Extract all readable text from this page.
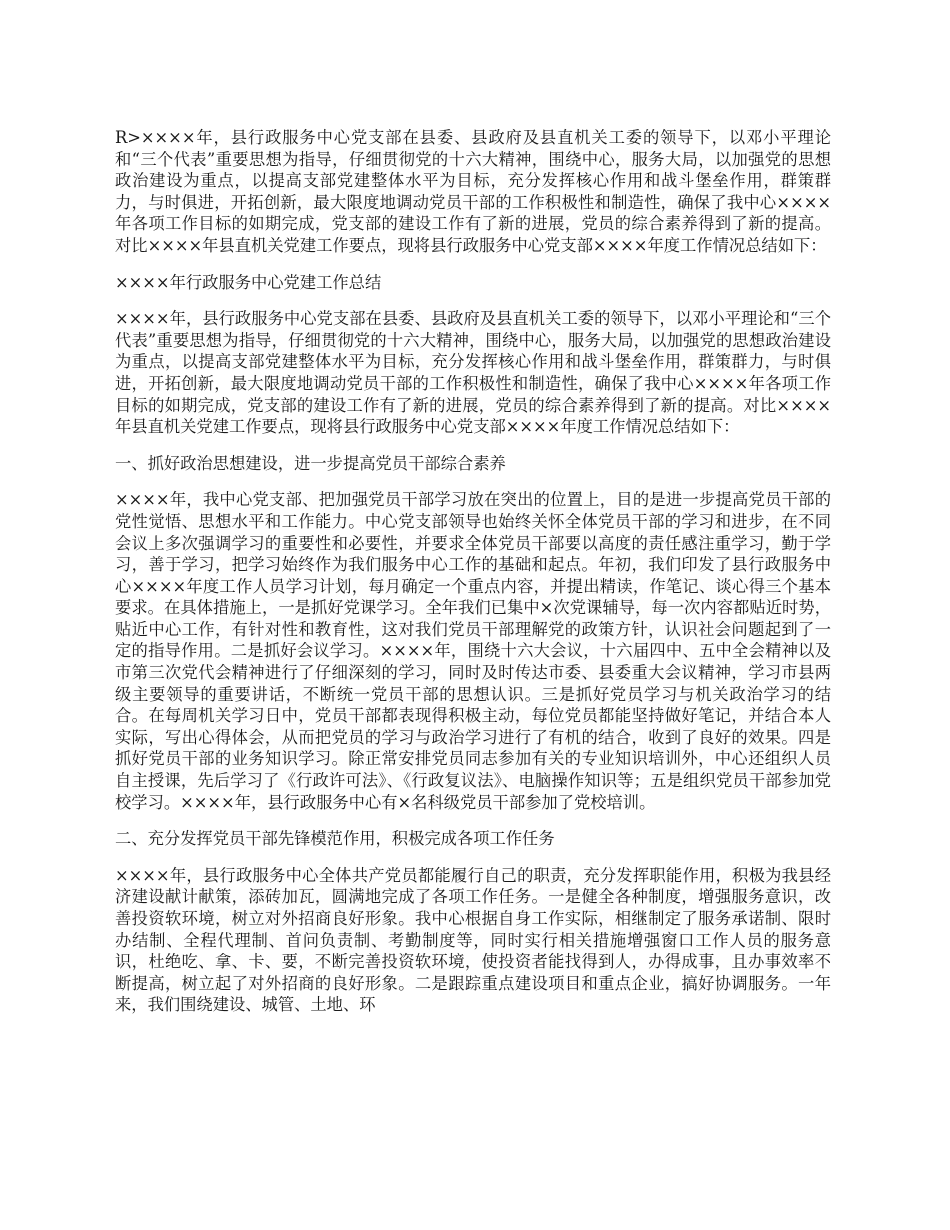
R>××××年，县行政服务中心党支部在县委、县政府及县直机关工委的领导下，以邓小平理论和“三个代表”重要思想为指导，仔细贯彻党的十六大精神，围绕中心，服务大局，以加强党的思想政治建设为重点，以提高支部党建整体水平为目标，充分发挥核心作用和战斗堡垒作用，群策群力，与时俱进，开拓创新，最大限度地调动党员干部的工作积极性和制造性，确保了我中心××××年各项工作目标的如期完成，党支部的建设工作有了新的进展，党员的综合素养得到了新的提高。对比××××年县直机关党建工作要点，现将县行政服务中心党支部××××年度工作情况总结如下：

××××年行政服务中心党建工作总结

××××年，县行政服务中心党支部在县委、县政府及县直机关工委的领导下，以邓小平理论和“三个代表”重要思想为指导，仔细贯彻党的十六大精神，围绕中心，服务大局，以加强党的思想政治建设为重点，以提高支部党建整体水平为目标，充分发挥核心作用和战斗堡垒作用，群策群力，与时俱进，开拓创新，最大限度地调动党员干部的工作积极性和制造性，确保了我中心××××年各项工作目标的如期完成，党支部的建设工作有了新的进展，党员的综合素养得到了新的提高。对比××××年县直机关党建工作要点，现将县行政服务中心党支部××××年度工作情况总结如下：

一、抓好政治思想建设，进一步提高党员干部综合素养

××××年，我中心党支部、把加强党员干部学习放在突出的位置上，目的是进一步提高党员干部的党性觉悟、思想水平和工作能力。中心党支部领导也始终关怀全体党员干部的学习和进步，在不同会议上多次强调学习的重要性和必要性，并要求全体党员干部要以高度的责任感注重学习，勤于学习，善于学习，把学习始终作为我们服务中心工作的基础和起点。年初，我们印发了县行政服务中心××××年度工作人员学习计划，每月确定一个重点内容，并提出精读，作笔记、谈心得三个基本要求。在具体措施上，一是抓好党课学习。全年我们已集中×次党课辅导，每一次内容都贴近时势，贴近中心工作，有针对性和教育性，这对我们党员干部理解党的政策方针，认识社会问题起到了一定的指导作用。二是抓好会议学习。××××年，围绕十六大会议，十六届四中、五中全会精神以及市第三次党代会精神进行了仔细深刻的学习，同时及时传达市委、县委重大会议精神，学习市县两级主要领导的重要讲话，不断统一党员干部的思想认识。三是抓好党员学习与机关政治学习的结合。在每周机关学习日中，党员干部都表现得积极主动，每位党员都能坚持做好笔记，并结合本人实际，写出心得体会，从而把党员的学习与政治学习进行了有机的结合，收到了良好的效果。四是抓好党员干部的业务知识学习。除正常安排党员同志参加有关的专业知识培训外，中心还组织人员自主授课，先后学习了《行政许可法》、《行政复议法》、电脑操作知识等；五是组织党员干部参加党校学习。××××年，县行政服务中心有×名科级党员干部参加了党校培训。

二、充分发挥党员干部先锋模范作用，积极完成各项工作任务

××××年，县行政服务中心全体共产党员都能履行自己的职责，充分发挥职能作用，积极为我县经济建设献计献策，添砖加瓦，圆满地完成了各项工作任务。一是健全各种制度，增强服务意识，改善投资软环境，树立对外招商良好形象。我中心根据自身工作实际，相继制定了服务承诺制、限时办结制、全程代理制、首问负责制、考勤制度等，同时实行相关措施增强窗口工作人员的服务意识，杜绝吃、拿、卡、要，不断完善投资软环境，使投资者能找得到人，办得成事，且办事效率不断提高，树立起了对外招商的良好形象。二是跟踪重点建设项目和重点企业，搞好协调服务。一年来，我们围绕建设、城管、土地、环
